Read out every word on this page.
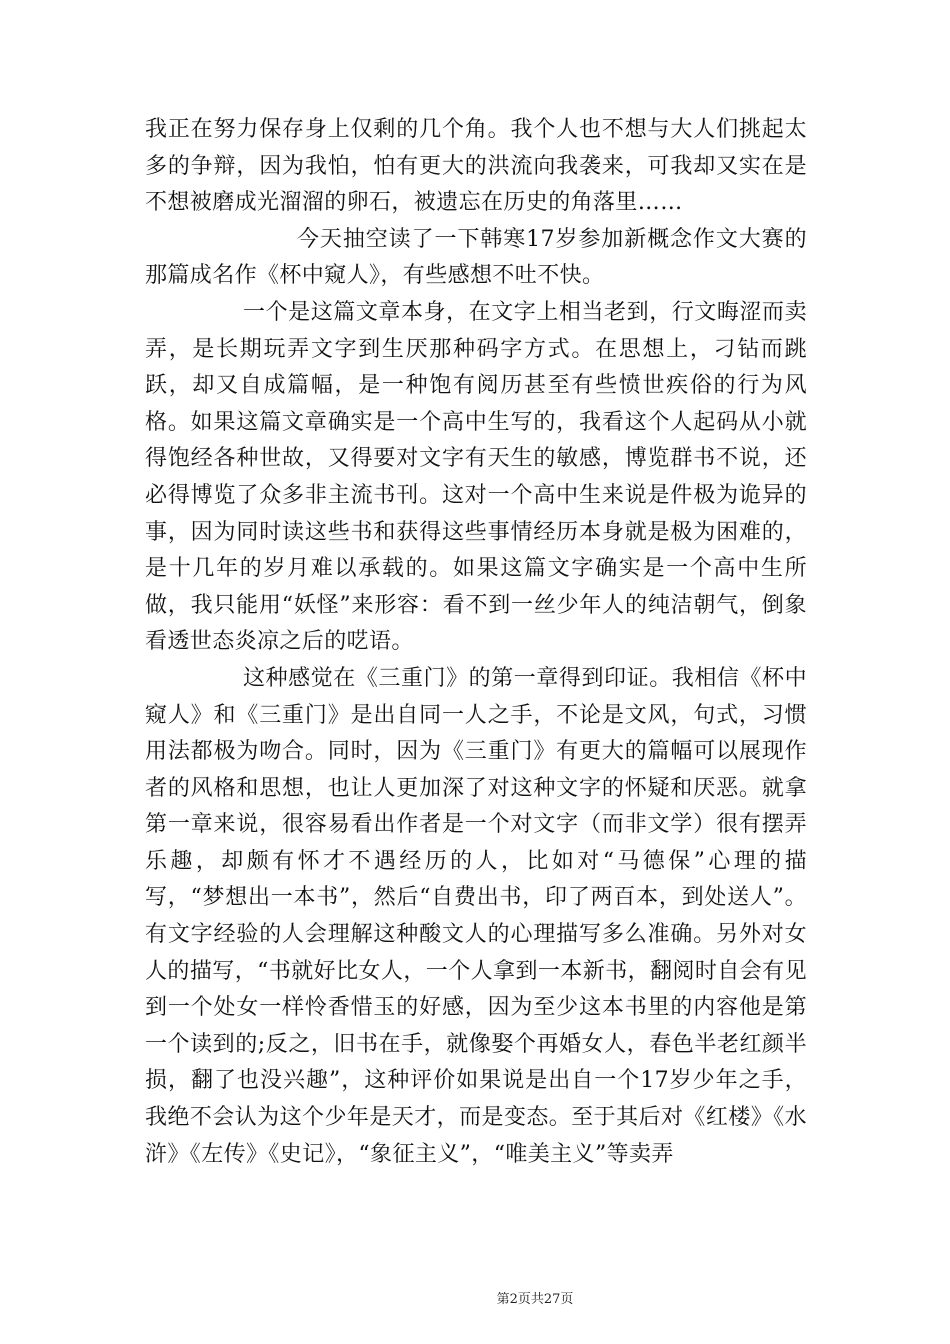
我正在努力保存身上仅剩的几个角。我个人也不想与大人们挑起太多的争辩，因为我怕，怕有更大的洪流向我袭来，可我却又实在是不想被磨成光溜溜的卵石，被遗忘在历史的角落里……

今天抽空读了一下韩寒17岁参加新概念作文大赛的那篇成名作《杯中窥人》，有些感想不吐不快。

一个是这篇文章本身，在文字上相当老到，行文晦涩而卖弄，是长期玩弄文字到生厌那种码字方式。在思想上，刁钻而跳跃，却又自成篇幅，是一种饱有阅历甚至有些愤世疾俗的行为风格。如果这篇文章确实是一个高中生写的，我看这个人起码从小就得饱经各种世故，又得要对文字有天生的敏感，博览群书不说，还必得博览了众多非主流书刊。这对一个高中生来说是件极为诡异的事，因为同时读这些书和获得这些事情经历本身就是极为困难的，是十几年的岁月难以承载的。如果这篇文字确实是一个高中生所做，我只能用“妖怪”来形容：看不到一丝少年人的纯洁朝气，倒象看透世态炎凉之后的呓语。

这种感觉在《三重门》的第一章得到印证。我相信《杯中窥人》和《三重门》是出自同一人之手，不论是文风，句式，习惯用法都极为吻合。同时，因为《三重门》有更大的篇幅可以展现作者的风格和思想，也让人更加深了对这种文字的怀疑和厌恶。就拿第一章来说，很容易看出作者是一个对文字（而非文学）很有摆弄乐趣，却颇有怀才不遇经历的人，比如对“马德保”心理的描写，“梦想出一本书”，然后“自费出书，印了两百本，到处送人”。有文字经验的人会理解这种酸文人的心理描写多么准确。另外对女人的描写，“书就好比女人，一个人拿到一本新书，翻阅时自会有见到一个处女一样怜香惜玉的好感，因为至少这本书里的内容他是第一个读到的;反之，旧书在手，就像娶个再婚女人，春色半老红颜半损，翻了也没兴趣”，这种评价如果说是出自一个17岁少年之手，我绝不会认为这个少年是天才，而是变态。至于其后对《红楼》《水浒》《左传》《史记》，“象征主义”，“唯美主义”等卖弄

第2页共27页
